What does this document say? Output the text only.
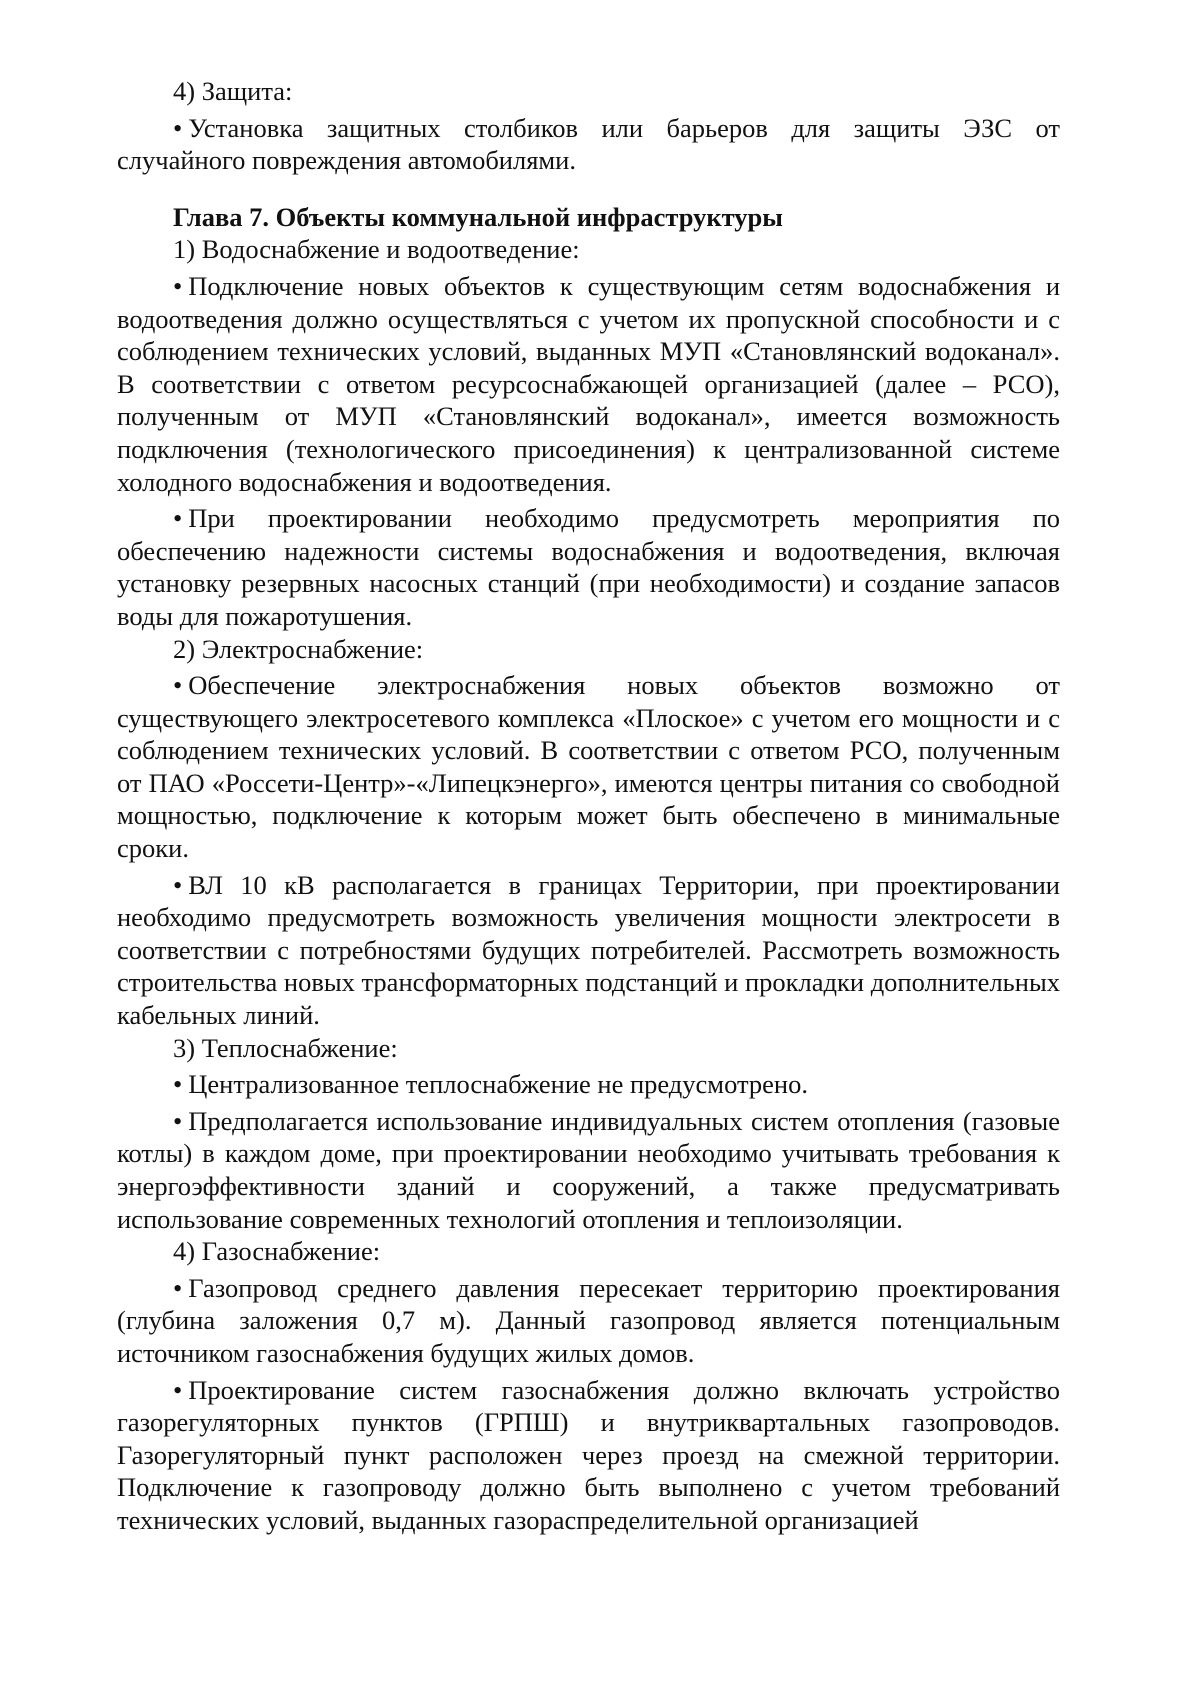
4) Защита:

• Установка защитных столбиков или барьеров для защиты ЭЗС от случайного повреждения автомобилями.

Глава 7. Объекты коммунальной инфраструктуры

1) Водоснабжение и водоотведение:

• Подключение новых объектов к существующим сетям водоснабжения и водоотведения должно осуществляться с учетом их пропускной способности и с соблюдением технических условий, выданных МУП «Становлянский водоканал». В соответствии с ответом ресурсоснабжающей организацией (далее – РСО), полученным от МУП «Становлянский водоканал», имеется возможность подключения (технологического присоединения) к централизованной системе холодного водоснабжения и водоотведения.

• При проектировании необходимо предусмотреть мероприятия по обеспечению надежности системы водоснабжения и водоотведения, включая установку резервных насосных станций (при необходимости) и создание запасов воды для пожаротушения.

2) Электроснабжение:

• Обеспечение электроснабжения новых объектов возможно от существующего электросетевого комплекса «Плоское» с учетом его мощности и с соблюдением технических условий. В соответствии с ответом РСО, полученным от ПАО «Россети-Центр»-«Липецкэнерго», имеются центры питания со свободной мощностью, подключение к которым может быть обеспечено в минимальные сроки.

• ВЛ 10 кВ располагается в границах Территории, при проектировании необходимо предусмотреть возможность увеличения мощности электросети в соответствии с потребностями будущих потребителей. Рассмотреть возможность строительства новых трансформаторных подстанций и прокладки дополнительных кабельных линий.

3) Теплоснабжение:

• Централизованное теплоснабжение не предусмотрено.

• Предполагается использование индивидуальных систем отопления (газовые котлы) в каждом доме, при проектировании необходимо учитывать требования к энергоэффективности зданий и сооружений, а также предусматривать использование современных технологий отопления и теплоизоляции.

4) Газоснабжение:

• Газопровод среднего давления пересекает территорию проектирования (глубина заложения 0,7 м). Данный газопровод является потенциальным источником газоснабжения будущих жилых домов.

• Проектирование систем газоснабжения должно включать устройство газорегуляторных пунктов (ГРПШ) и внутриквартальных газопроводов. Газорегуляторный пункт расположен через проезд на смежной территории. Подключение к газопроводу должно быть выполнено с учетом требований технических условий, выданных газораспределительной организацией
